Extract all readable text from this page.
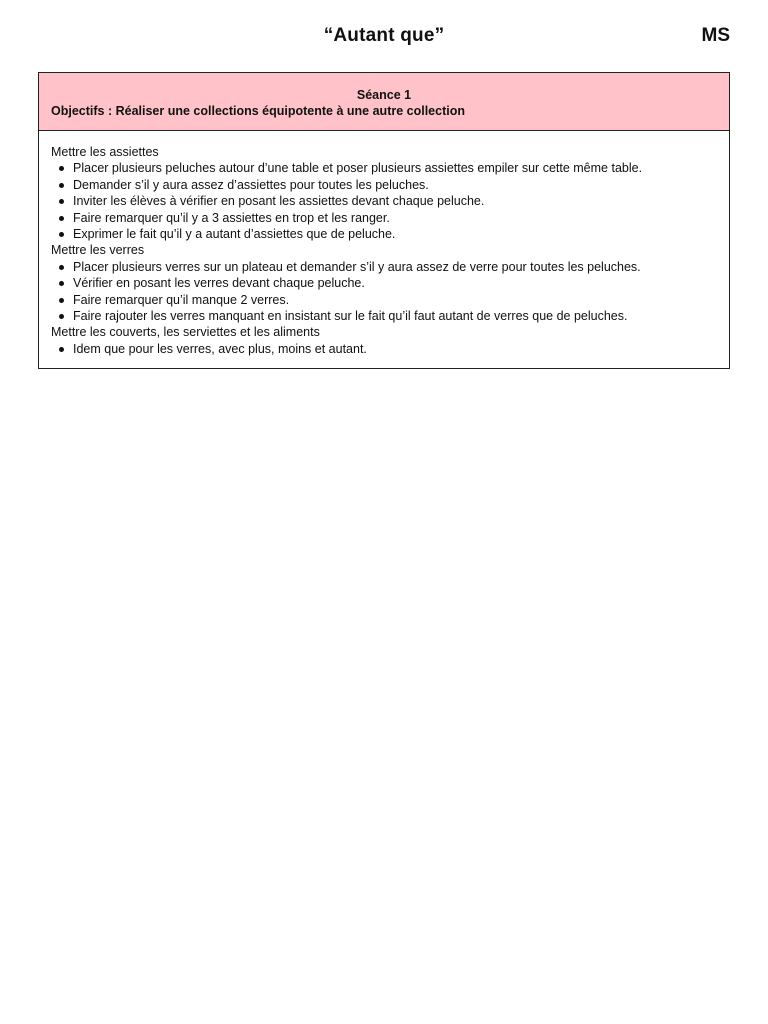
“Autant que”	MS
Séance 1
Objectifs : Réaliser une collections équipotente à une autre collection
Mettre les assiettes
Placer plusieurs peluches autour d’une table et poser plusieurs assiettes empiler sur cette même table.
Demander s’il y aura assez d’assiettes pour toutes les peluches.
Inviter les élèves à vérifier en posant les assiettes devant chaque peluche.
Faire remarquer qu’il y a 3 assiettes en trop et les ranger.
Exprimer le fait qu’il y a autant d’assiettes que de peluche.
Mettre les verres
Placer plusieurs verres sur un plateau et demander s’il y aura assez de verre pour toutes les peluches.
Vérifier en posant les verres devant chaque peluche.
Faire remarquer qu’il manque 2 verres.
Faire rajouter les verres manquant en insistant sur le fait qu’il faut autant de verres que de peluches.
Mettre les couverts, les serviettes et les aliments
Idem que pour les verres, avec plus, moins et autant.
